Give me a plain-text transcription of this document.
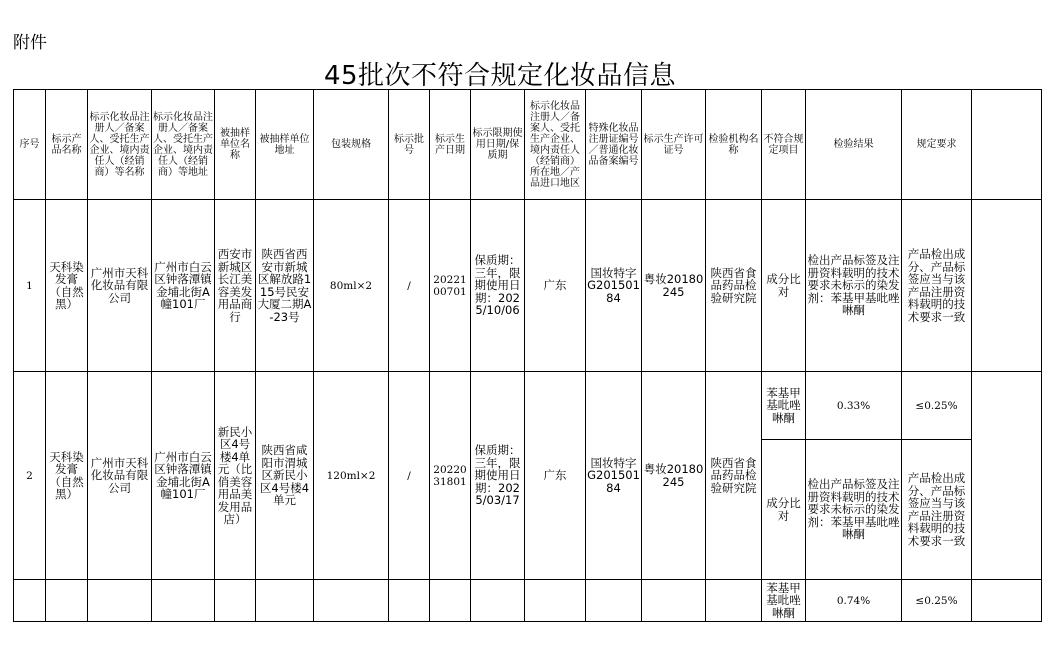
附件
45批次不符合规定化妆品信息
序号	标示产品名称	标示化妆品注册人／备案人、受托生产企业、境内责任人（经销商）等名称	标示化妆品注册人／备案人、受托生产企业、境内责任人（经销商）等地址	被抽样单位名称	被抽样单位地址	包装规格	标示批号	标示生产日期	标示限期使用日期/保质期	标示化妆品注册人／备案人、受托生产企业、境内责任人（经销商）所在地／产品进口地区	特殊化妆品注册证编号／普通化妆品备案编号	标示生产许可证号	检验机构名称	不符合规定项目	检验结果	规定要求	
1	天科染发膏（自然黑）	广州市天科化妆品有限公司	广州市白云区钟落潭镇金埔北街A幢101厂	西安市新城区长江美容美发用品商行	陕西省西安市新城区解放路115号民安大厦二期A-23号	80ml×2	/	2022100701	保质期：三年，限期使用日期：2025/10/06	广东	国妆特字G20150184	粤妆20180245	陕西省食品药品检验研究院	成分比对	检出产品标签及注册资料载明的技术要求未标示的染发剂：苯基甲基吡唑啉酮	产品检出成分、产品标签应当与该产品注册资料载明的技术要求一致	
2	天科染发膏（自然黑）	广州市天科化妆品有限公司	广州市白云区钟落潭镇金埔北街A幢101厂	新民小区4号楼4单元（比俏美容用品美发用品店）	陕西省咸阳市渭城区新民小区4号楼4单元	120ml×2	/	2022031801	保质期：三年，限期使用日期：2025/03/17	广东	国妆特字G20150184	粤妆20180245	陕西省食品药品检验研究院	苯基甲基吡唑啉酮	0.33%	≤0.25%	
														成分比对	检出产品标签及注册资料载明的技术要求未标示的染发剂：苯基甲基吡唑啉酮	产品检出成分、产品标签应当与该产品注册资料载明的技术要求一致	
														苯基甲基吡唑啉酮	0.74%	≤0.25%	
